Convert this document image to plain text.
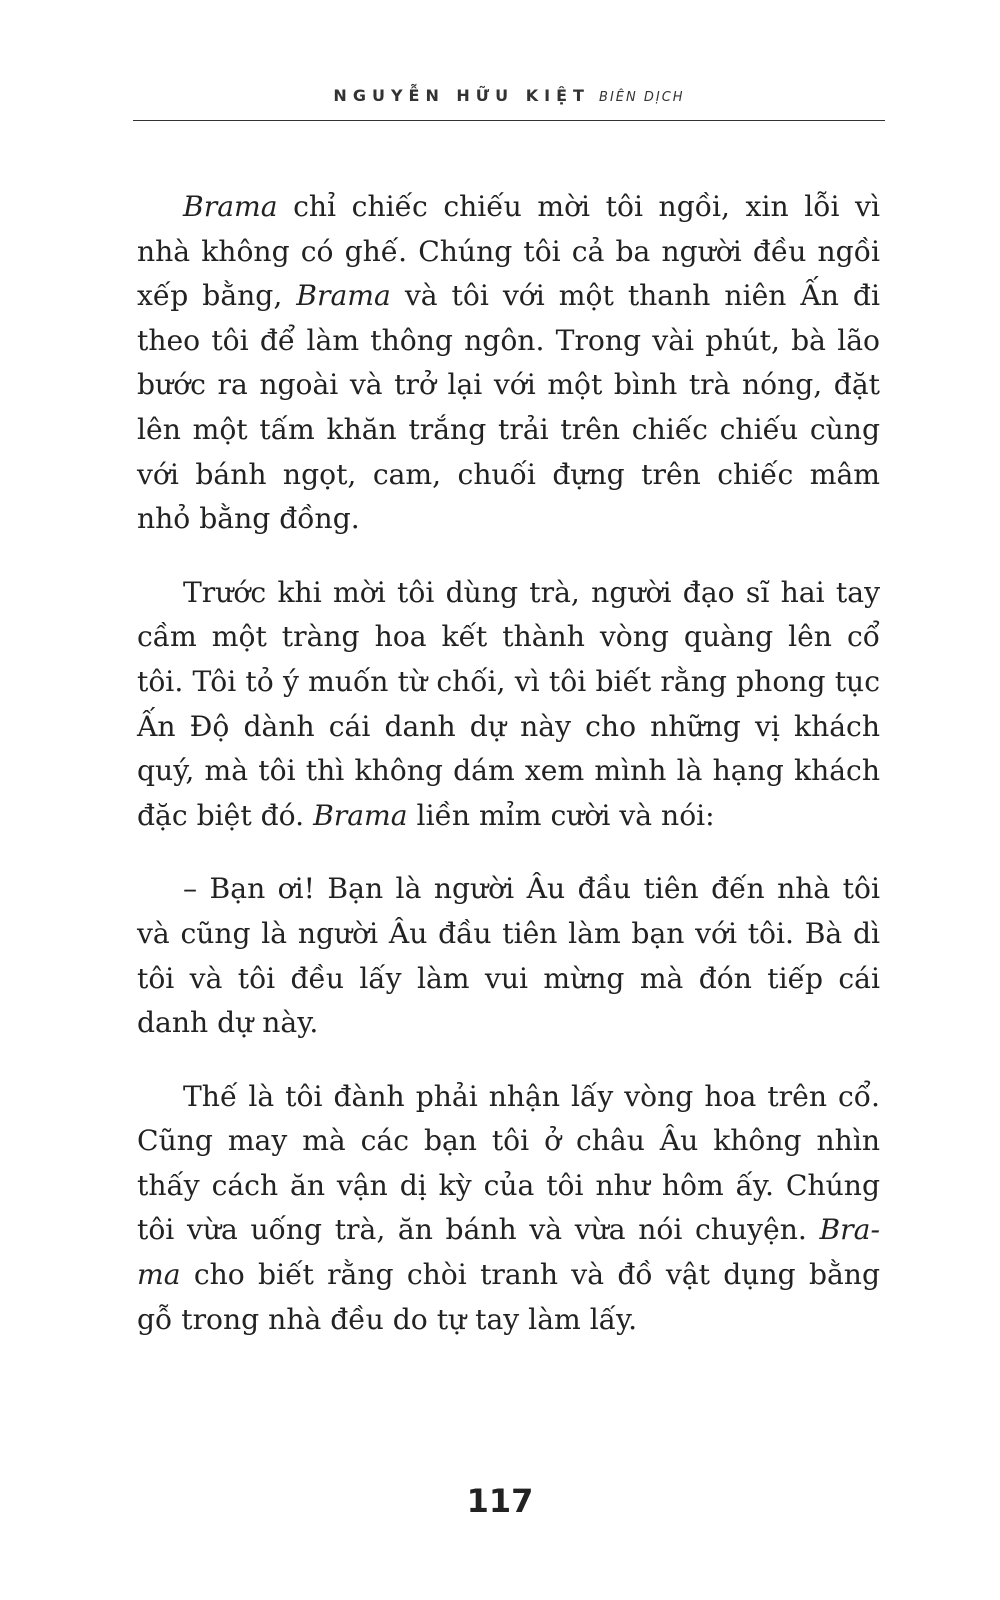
NGUYỄN HỮU KIỆT BIÊN DỊCH

Brama chỉ chiếc chiếu mời tôi ngồi, xin lỗi vì nhà không có ghế. Chúng tôi cả ba người đều ngồi xếp bằng, Brama và tôi với một thanh niên Ấn đi theo tôi để làm thông ngôn. Trong vài phút, bà lão bước ra ngoài và trở lại với một bình trà nóng, đặt lên một tấm khăn trắng trải trên chiếc chiếu cùng với bánh ngọt, cam, chuối đựng trên chiếc mâm nhỏ bằng đồng.

Trước khi mời tôi dùng trà, người đạo sĩ hai tay cầm một tràng hoa kết thành vòng quàng lên cổ tôi. Tôi tỏ ý muốn từ chối, vì tôi biết rằng phong tục Ấn Độ dành cái danh dự này cho những vị khách quý, mà tôi thì không dám xem mình là hạng khách đặc biệt đó. Brama liền mỉm cười và nói:

– Bạn ơi! Bạn là người Âu đầu tiên đến nhà tôi và cũng là người Âu đầu tiên làm bạn với tôi. Bà dì tôi và tôi đều lấy làm vui mừng mà đón tiếp cái danh dự này.

Thế là tôi đành phải nhận lấy vòng hoa trên cổ. Cũng may mà các bạn tôi ở châu Âu không nhìn thấy cách ăn vận dị kỳ của tôi như hôm ấy. Chúng tôi vừa uống trà, ăn bánh và vừa nói chuyện. Bra-ma cho biết rằng chòi tranh và đồ vật dụng bằng gỗ trong nhà đều do tự tay làm lấy.

117
